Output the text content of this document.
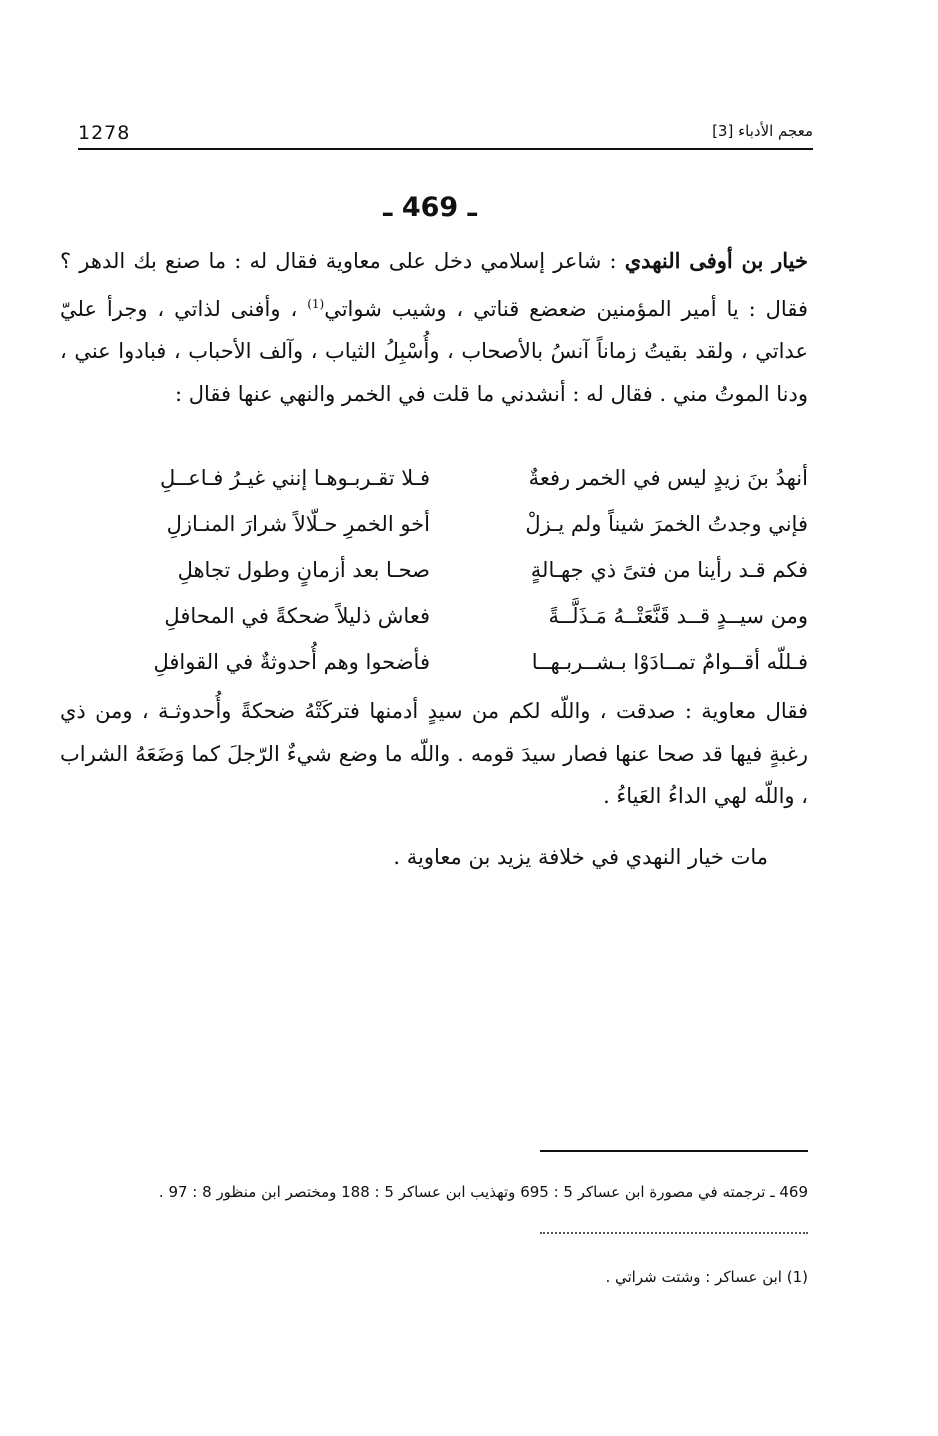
1278	معجم الأدباء [3]
ـ 469 ـ
خيار بن أوفى النهدي : شاعر إسلامي دخل على معاوية فقال له : ما صنع بك الدهر ؟ فقال : يا أمير المؤمنين ضعضع قناتي ، وشيب شواتي$^{(1)}$ ، وأفنى لذاتي ، وجرأ عليّ عداتي ، ولقد بقيتُ زماناً آنسُ بالأصحاب ، وأُسْبِلُ الثياب ، وآلف الأحباب ، فبادوا عني ، ودنا الموتُ مني . فقال له : أنشدني ما قلت في الخمر والنهي عنها فقال :
أنهدُ بنَ زيدٍ ليس في الخمر رفعةٌ
فـلا تقـربـوهـا إنني غيـرُ فـاعــلِ
فإني وجدتُ الخمرَ شيناً ولم يـزلْ
أخو الخمرِ حـلّالاً شرارَ المنـازلِ
فكم قـد رأينا من فتىً ذي جهـالةٍ
صحـا بعد أزمانٍ وطول تجاهلِ
ومن سيــدٍ قــد قَنَّعَتْــهُ مَـذَلَّــةً
فعاش ذليلاً ضحكةً في المحافلِ
فـللّه أقــوامٌ تمــادَوْا بـشــربـهــا
فأضحوا وهم أُحدوثةٌ في القوافلِ
فقال معاوية : صدقت ، واللّه لكم من سيدٍ أدمنها فتركَتْهُ ضحكةً وأُحدوثـة ، ومن ذي رغبةٍ فيها قد صحا عنها فصار سيدَ قومه . واللّه ما وضع شيءٌ الرّجلَ كما وَضَعَهُ الشراب ، واللّه لهي الداءُ العَياءُ .
مات خيار النهدي في خلافة يزيد بن معاوية .
469 ـ ترجمته في مصورة ابن عساكر 5 : 695 وتهذيب ابن عساكر 5 : 188 ومختصر ابن منظور 8 : 97 .
(1) ابن عساكر : وشتت شراتي .
